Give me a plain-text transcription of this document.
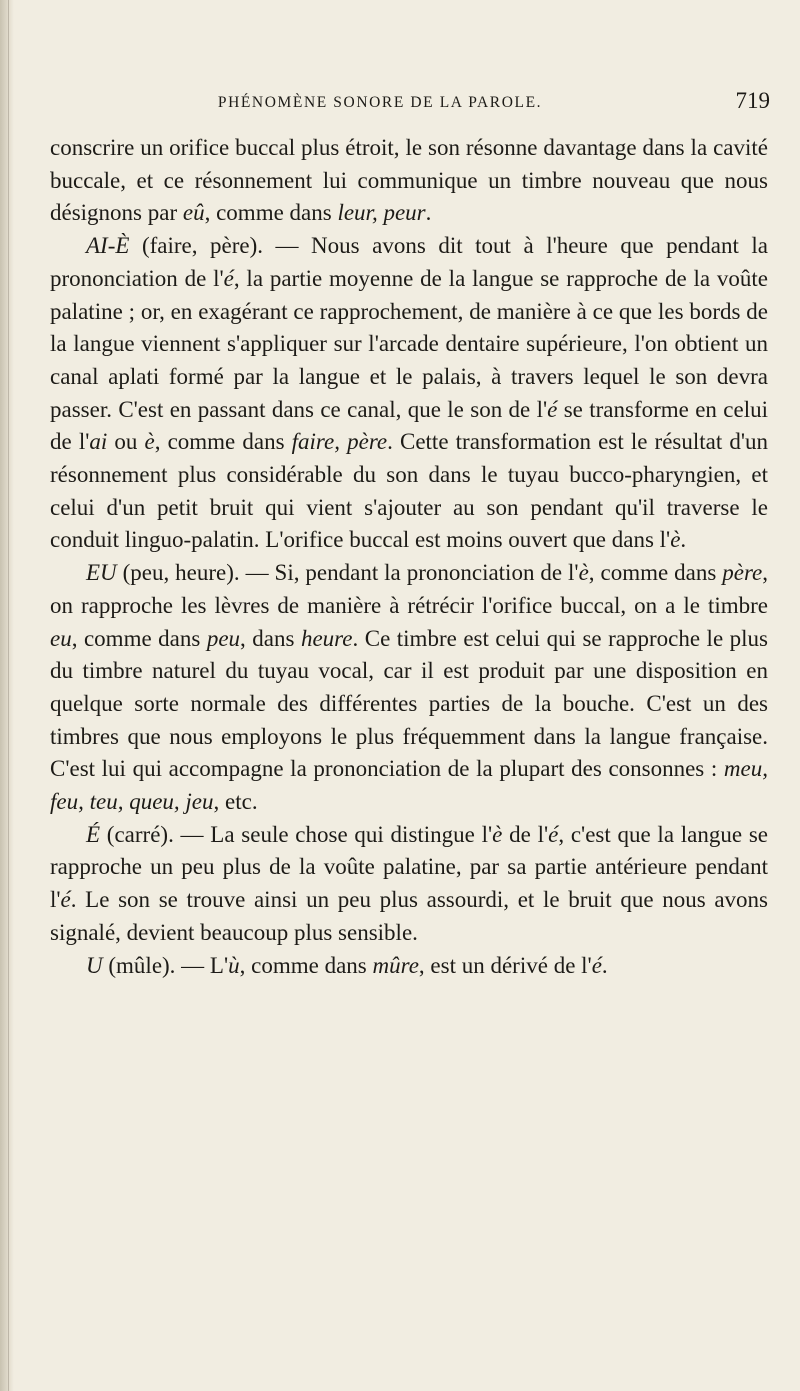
PHÉNOMÈNE SONORE DE LA PAROLE.	719

conscrire un orifice buccal plus étroit, le son résonne davantage dans la cavité buccale, et ce résonnement lui communique un timbre nouveau que nous désignons par eû, comme dans leur, peur.

AI-È (faire, père). — Nous avons dit tout à l'heure que pendant la prononciation de l'é, la partie moyenne de la langue se rapproche de la voûte palatine ; or, en exagérant ce rapprochement, de manière à ce que les bords de la langue viennent s'appliquer sur l'arcade dentaire supérieure, l'on obtient un canal aplati formé par la langue et le palais, à travers lequel le son devra passer. C'est en passant dans ce canal, que le son de l'é se transforme en celui de l'ai ou è, comme dans faire, père. Cette transformation est le résultat d'un résonnement plus considérable du son dans le tuyau bucco-pharyngien, et celui d'un petit bruit qui vient s'ajouter au son pendant qu'il traverse le conduit linguo-palatin. L'orifice buccal est moins ouvert que dans l'è.

EU (peu, heure). — Si, pendant la prononciation de l'è, comme dans père, on rapproche les lèvres de manière à rétrécir l'orifice buccal, on a le timbre eu, comme dans peu, dans heure. Ce timbre est celui qui se rapproche le plus du timbre naturel du tuyau vocal, car il est produit par une disposition en quelque sorte normale des différentes parties de la bouche. C'est un des timbres que nous employons le plus fréquemment dans la langue française. C'est lui qui accompagne la prononciation de la plupart des consonnes : meu, feu, teu, queu, jeu, etc.

É (carré). — La seule chose qui distingue l'è de l'é, c'est que la langue se rapproche un peu plus de la voûte palatine, par sa partie antérieure pendant l'é. Le son se trouve ainsi un peu plus assourdi, et le bruit que nous avons signalé, devient beaucoup plus sensible.

U (mûle). — L'ù, comme dans mûre, est un dérivé de l'é.
